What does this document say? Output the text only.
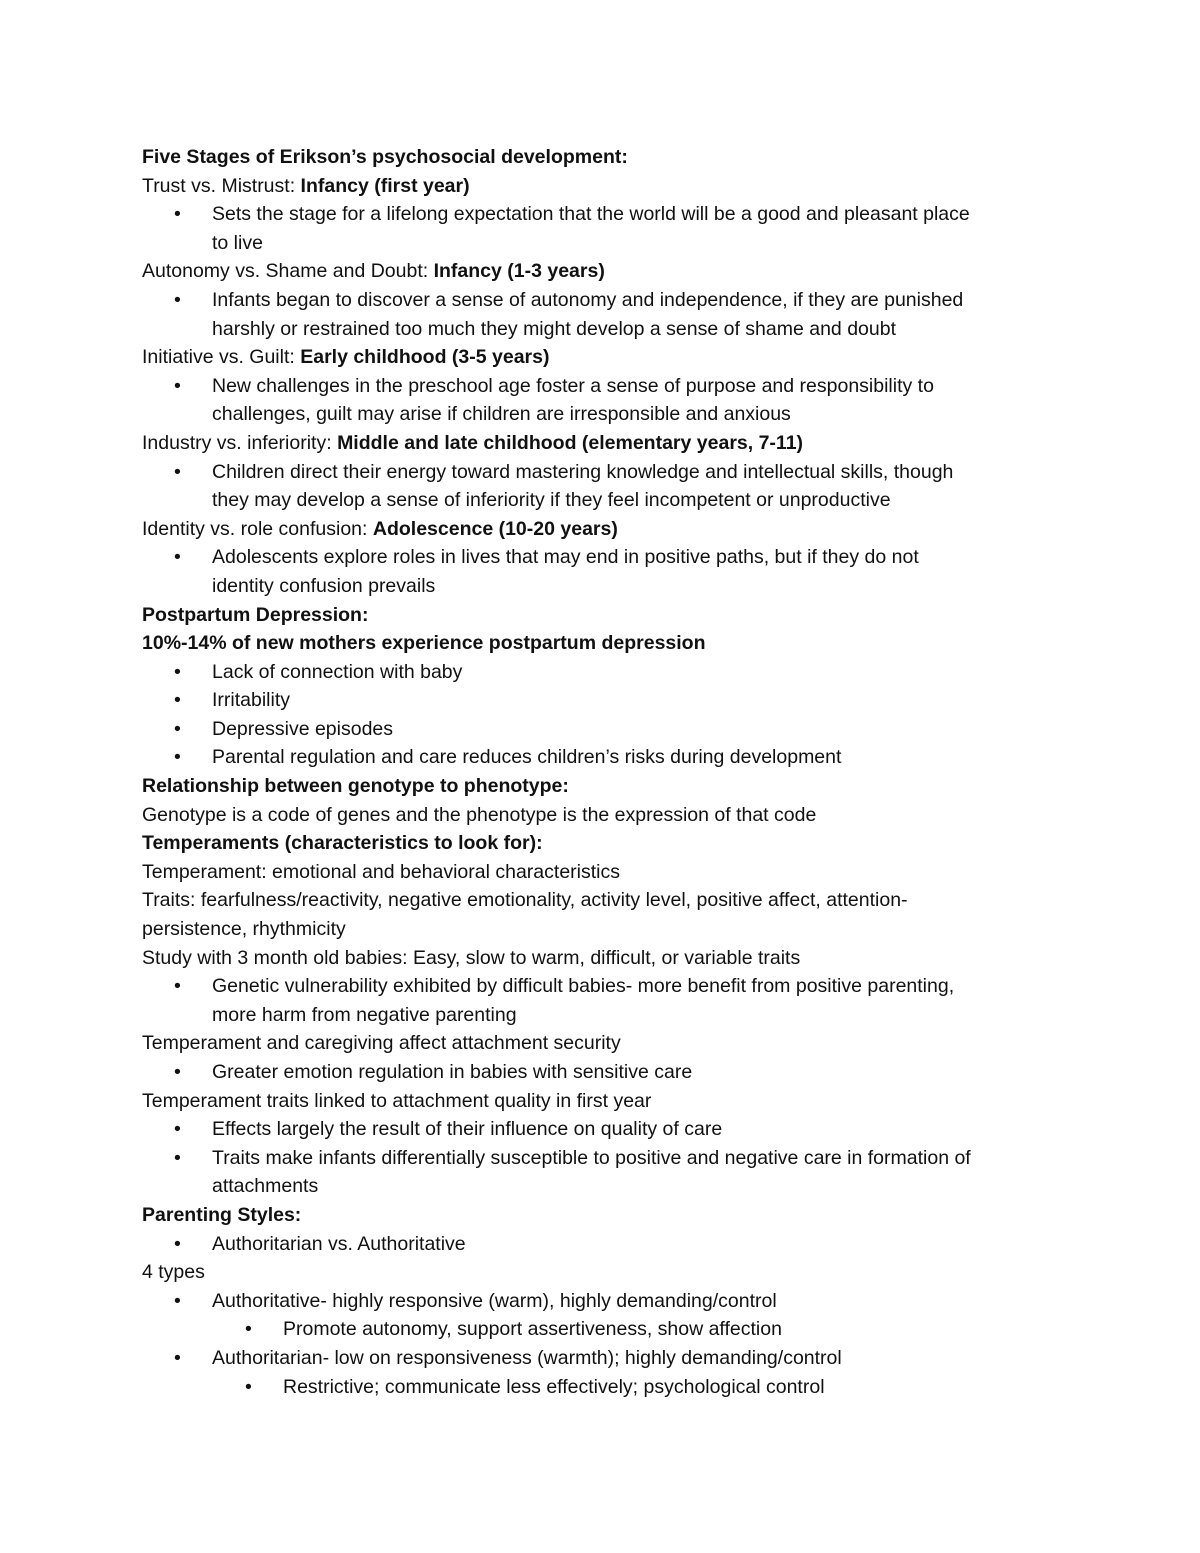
Five Stages of Erikson’s psychosocial development:
Trust vs. Mistrust: Infancy (first year)
• Sets the stage for a lifelong expectation that the world will be a good and pleasant place
to live
Autonomy vs. Shame and Doubt: Infancy (1-3 years)
• Infants began to discover a sense of autonomy and independence, if they are punished
harshly or restrained too much they might develop a sense of shame and doubt
Initiative vs. Guilt: Early childhood (3-5 years)
• New challenges in the preschool age foster a sense of purpose and responsibility to
challenges, guilt may arise if children are irresponsible and anxious
Industry vs. inferiority: Middle and late childhood (elementary years, 7-11)
• Children direct their energy toward mastering knowledge and intellectual skills, though
they may develop a sense of inferiority if they feel incompetent or unproductive
Identity vs. role confusion: Adolescence (10-20 years)
• Adolescents explore roles in lives that may end in positive paths, but if they do not
identity confusion prevails
Postpartum Depression:
10%-14% of new mothers experience postpartum depression
• Lack of connection with baby
• Irritability
• Depressive episodes
• Parental regulation and care reduces children’s risks during development
Relationship between genotype to phenotype:
Genotype is a code of genes and the phenotype is the expression of that code
Temperaments (characteristics to look for):
Temperament: emotional and behavioral characteristics
Traits: fearfulness/reactivity, negative emotionality, activity level, positive affect, attention-
persistence, rhythmicity
Study with 3 month old babies: Easy, slow to warm, difficult, or variable traits
• Genetic vulnerability exhibited by difficult babies- more benefit from positive parenting,
more harm from negative parenting
Temperament and caregiving affect attachment security
• Greater emotion regulation in babies with sensitive care
Temperament traits linked to attachment quality in first year
• Effects largely the result of their influence on quality of care
• Traits make infants differentially susceptible to positive and negative care in formation of
attachments
Parenting Styles:
• Authoritarian vs. Authoritative
4 types
• Authoritative- highly responsive (warm), highly demanding/control
• Promote autonomy, support assertiveness, show affection
• Authoritarian- low on responsiveness (warmth); highly demanding/control
• Restrictive; communicate less effectively; psychological control
